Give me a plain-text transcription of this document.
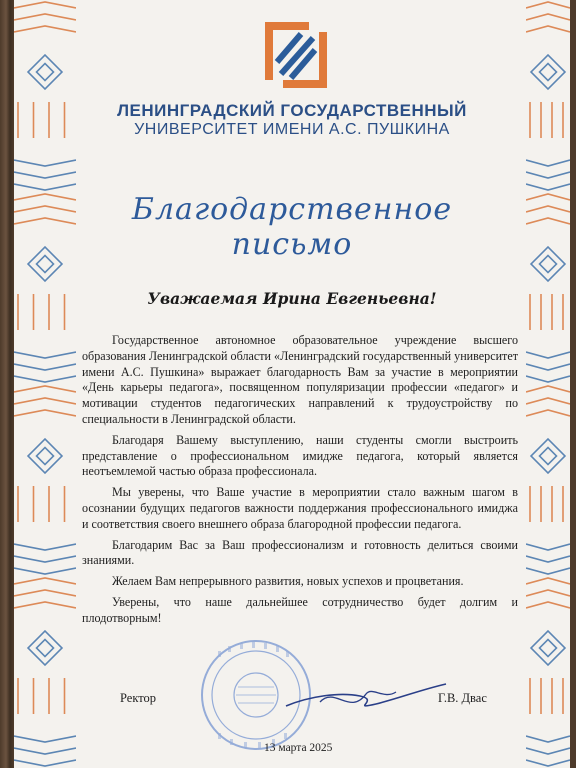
ЛЕНИНГРАДСКИЙ ГОСУДАРСТВЕННЫЙ
УНИВЕРСИТЕТ ИМЕНИ А.С. ПУШКИНА
Благодарственное письмо
Уважаемая Ирина Евгеньевна!

Государственное автономное образовательное учреждение высшего образования Ленинградской области «Ленинградский государственный университет имени А.С. Пушкина» выражает благодарность Вам за участие в мероприятии «День карьеры педагога», посвященном популяризации профессии «педагог» и мотивации студентов педагогических направлений к трудоустройству по специальности в Ленинградской области.

Благодаря Вашему выступлению, наши студенты смогли выстроить представление о профессиональном имидже педагога, который является неотъемлемой частью образа профессионала.

Мы уверены, что Ваше участие в мероприятии стало важным шагом в осознании будущих педагогов важности поддержания профессионального имиджа и соответствия своего внешнего образа благородной профессии педагога.

Благодарим Вас за Ваш профессионализм и готовность делиться своими знаниями.

Желаем Вам непрерывного развития, новых успехов и процветания.

Уверены, что наше дальнейшее сотрудничество будет долгим и плодотворным!

Ректор	Г.В. Двас
13 марта 2025
